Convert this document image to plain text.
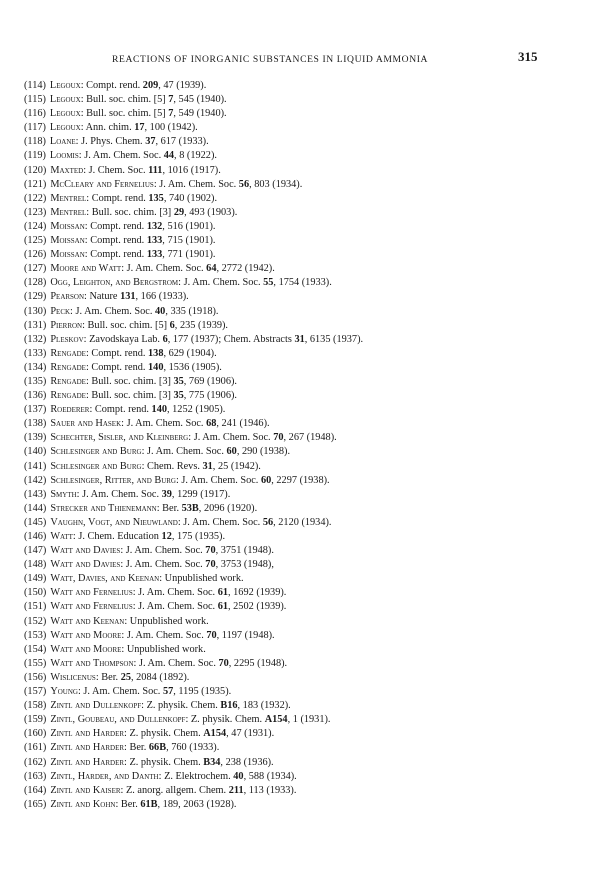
REACTIONS OF INORGANIC SUBSTANCES IN LIQUID AMMONIA	315
(114) Legoux: Compt. rend. 209, 47 (1939).
(115) Legoux: Bull. soc. chim. [5] 7, 545 (1940).
(116) Legoux: Bull. soc. chim. [5] 7, 549 (1940).
(117) Legoux: Ann. chim. 17, 100 (1942).
(118) Loane: J. Phys. Chem. 37, 617 (1933).
(119) Loomis: J. Am. Chem. Soc. 44, 8 (1922).
(120) Maxted: J. Chem. Soc. 111, 1016 (1917).
(121) McCleary and Fernelius: J. Am. Chem. Soc. 56, 803 (1934).
(122) Mentrel: Compt. rend. 135, 740 (1902).
(123) Mentrel: Bull. soc. chim. [3] 29, 493 (1903).
(124) Moissan: Compt. rend. 132, 516 (1901).
(125) Moissan: Compt. rend. 133, 715 (1901).
(126) Moissan: Compt. rend. 133, 771 (1901).
(127) Moore and Watt: J. Am. Chem. Soc. 64, 2772 (1942).
(128) Ogg, Leighton, and Bergstrom: J. Am. Chem. Soc. 55, 1754 (1933).
(129) Pearson: Nature 131, 166 (1933).
(130) Peck: J. Am. Chem. Soc. 40, 335 (1918).
(131) Pierron: Bull. soc. chim. [5] 6, 235 (1939).
(132) Pleskov: Zavodskaya Lab. 6, 177 (1937); Chem. Abstracts 31, 6135 (1937).
(133) Rengade: Compt. rend. 138, 629 (1904).
(134) Rengade: Compt. rend. 140, 1536 (1905).
(135) Rengade: Bull. soc. chim. [3] 35, 769 (1906).
(136) Rengade: Bull. soc. chim. [3] 35, 775 (1906).
(137) Roederer: Compt. rend. 140, 1252 (1905).
(138) Sauer and Hasek: J. Am. Chem. Soc. 68, 241 (1946).
(139) Schechter, Sisler, and Kleinberg: J. Am. Chem. Soc. 70, 267 (1948).
(140) Schlesinger and Burg: J. Am. Chem. Soc. 60, 290 (1938).
(141) Schlesinger and Burg: Chem. Revs. 31, 25 (1942).
(142) Schlesinger, Ritter, and Burg: J. Am. Chem. Soc. 60, 2297 (1938).
(143) Smyth: J. Am. Chem. Soc. 39, 1299 (1917).
(144) Strecker and Thienemann: Ber. 53B, 2096 (1920).
(145) Vaughn, Vogt, and Nieuwland: J. Am. Chem. Soc. 56, 2120 (1934).
(146) Watt: J. Chem. Education 12, 175 (1935).
(147) Watt and Davies: J. Am. Chem. Soc. 70, 3751 (1948).
(148) Watt and Davies: J. Am. Chem. Soc. 70, 3753 (1948),
(149) Watt, Davies, and Keenan: Unpublished work.
(150) Watt and Fernelius: J. Am. Chem. Soc. 61, 1692 (1939).
(151) Watt and Fernelius: J. Am. Chem. Soc. 61, 2502 (1939).
(152) Watt and Keenan: Unpublished work.
(153) Watt and Moore: J. Am. Chem. Soc. 70, 1197 (1948).
(154) Watt and Moore: Unpublished work.
(155) Watt and Thompson: J. Am. Chem. Soc. 70, 2295 (1948).
(156) Wislicenus: Ber. 25, 2084 (1892).
(157) Young: J. Am. Chem. Soc. 57, 1195 (1935).
(158) Zintl and Dullenkopf: Z. physik. Chem. B16, 183 (1932).
(159) Zintl, Goubeau, and Dullenkopf: Z. physik. Chem. A154, 1 (1931).
(160) Zintl and Harder: Z. physik. Chem. A154, 47 (1931).
(161) Zintl and Harder: Ber. 66B, 760 (1933).
(162) Zintl and Harder: Z. physik. Chem. B34, 238 (1936).
(163) Zintl, Harder, and Danth: Z. Elektrochem. 40, 588 (1934).
(164) Zintl and Kaiser: Z. anorg. allgem. Chem. 211, 113 (1933).
(165) Zintl and Kohn: Ber. 61B, 189, 2063 (1928).
